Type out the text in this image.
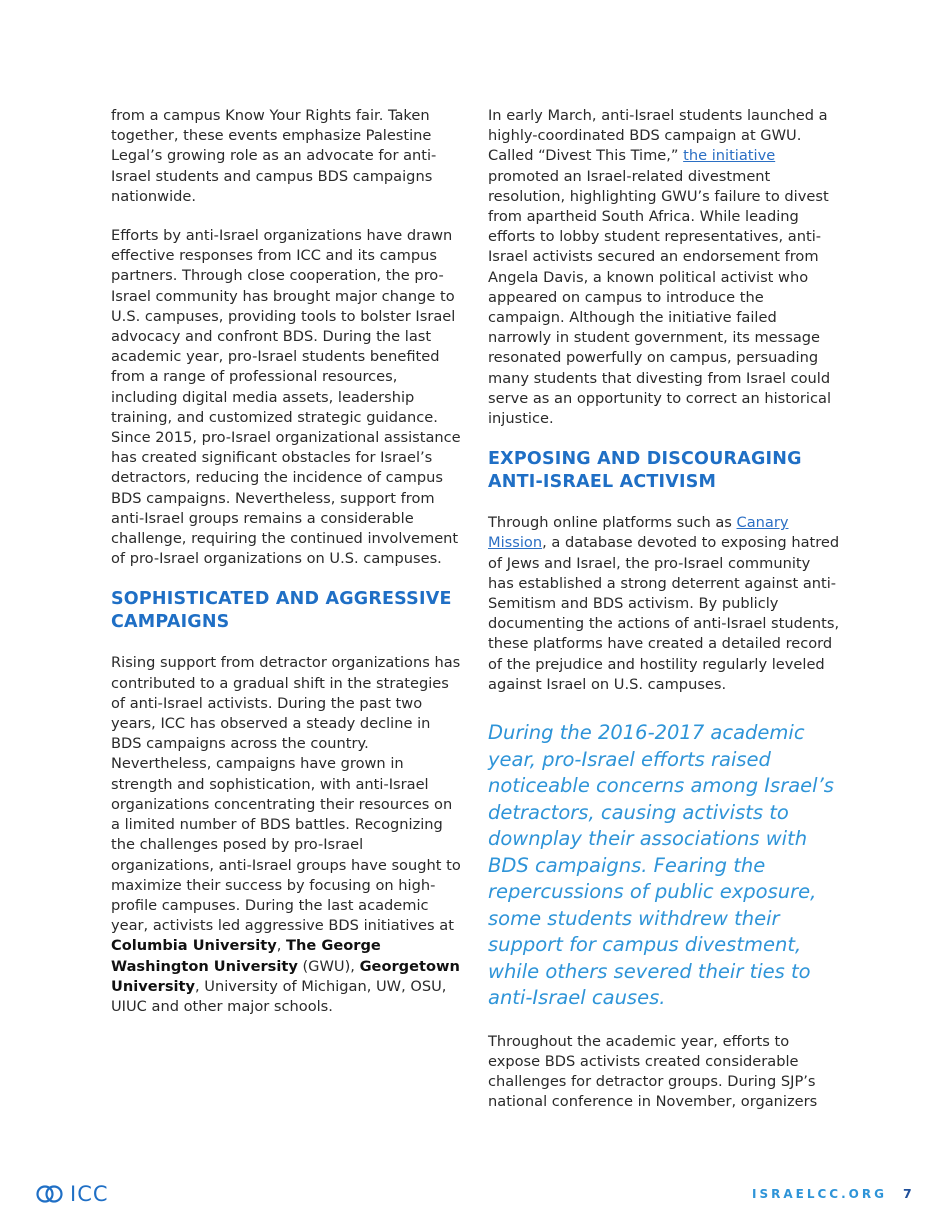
from a campus Know Your Rights fair. Taken together, these events emphasize Palestine Legal’s growing role as an advocate for anti-Israel students and campus BDS campaigns nationwide.

Efforts by anti-Israel organizations have drawn effective responses from ICC and its campus partners. Through close cooperation, the pro-Israel community has brought major change to U.S. campuses, providing tools to bolster Israel advocacy and confront BDS. During the last academic year, pro-Israel students benefited from a range of professional resources, including digital media assets, leadership training, and customized strategic guidance. Since 2015, pro-Israel organizational assistance has created significant obstacles for Israel’s detractors, reducing the incidence of campus BDS campaigns. Nevertheless, support from anti-Israel groups remains a considerable challenge, requiring the continued involvement of pro-Israel organizations on U.S. campuses.

SOPHISTICATED AND AGGRESSIVE CAMPAIGNS

Rising support from detractor organizations has contributed to a gradual shift in the strategies of anti-Israel activists. During the past two years, ICC has observed a steady decline in BDS campaigns across the country. Nevertheless, campaigns have grown in strength and sophistication, with anti-Israel organizations concentrating their resources on a limited number of BDS battles. Recognizing the challenges posed by pro-Israel organizations, anti-Israel groups have sought to maximize their success by focusing on high-profile campuses. During the last academic year, activists led aggressive BDS initiatives at Columbia University, The George Washington University (GWU), Georgetown University, University of Michigan, UW, OSU, UIUC and other major schools.

In early March, anti-Israel students launched a highly-coordinated BDS campaign at GWU. Called “Divest This Time,” the initiative promoted an Israel-related divestment resolution, highlighting GWU’s failure to divest from apartheid South Africa. While leading efforts to lobby student representatives, anti-Israel activists secured an endorsement from Angela Davis, a known political activist who appeared on campus to introduce the campaign. Although the initiative failed narrowly in student government, its message resonated powerfully on campus, persuading many students that divesting from Israel could serve as an opportunity to correct an historical injustice.

EXPOSING AND DISCOURAGING ANTI-ISRAEL ACTIVISM

Through online platforms such as Canary Mission, a database devoted to exposing hatred of Jews and Israel, the pro-Israel community has established a strong deterrent against anti-Semitism and BDS activism. By publicly documenting the actions of anti-Israel students, these platforms have created a detailed record of the prejudice and hostility regularly leveled against Israel on U.S. campuses.

During the 2016-2017 academic year, pro-Israel efforts raised noticeable concerns among Israel’s detractors, causing activists to downplay their associations with BDS campaigns. Fearing the repercussions of public exposure, some students withdrew their support for campus divestment, while others severed their ties to anti-Israel causes.

Throughout the academic year, efforts to expose BDS activists created considerable challenges for detractor groups. During SJP’s national conference in November, organizers

ICC	ISRAELCC.ORG 7
